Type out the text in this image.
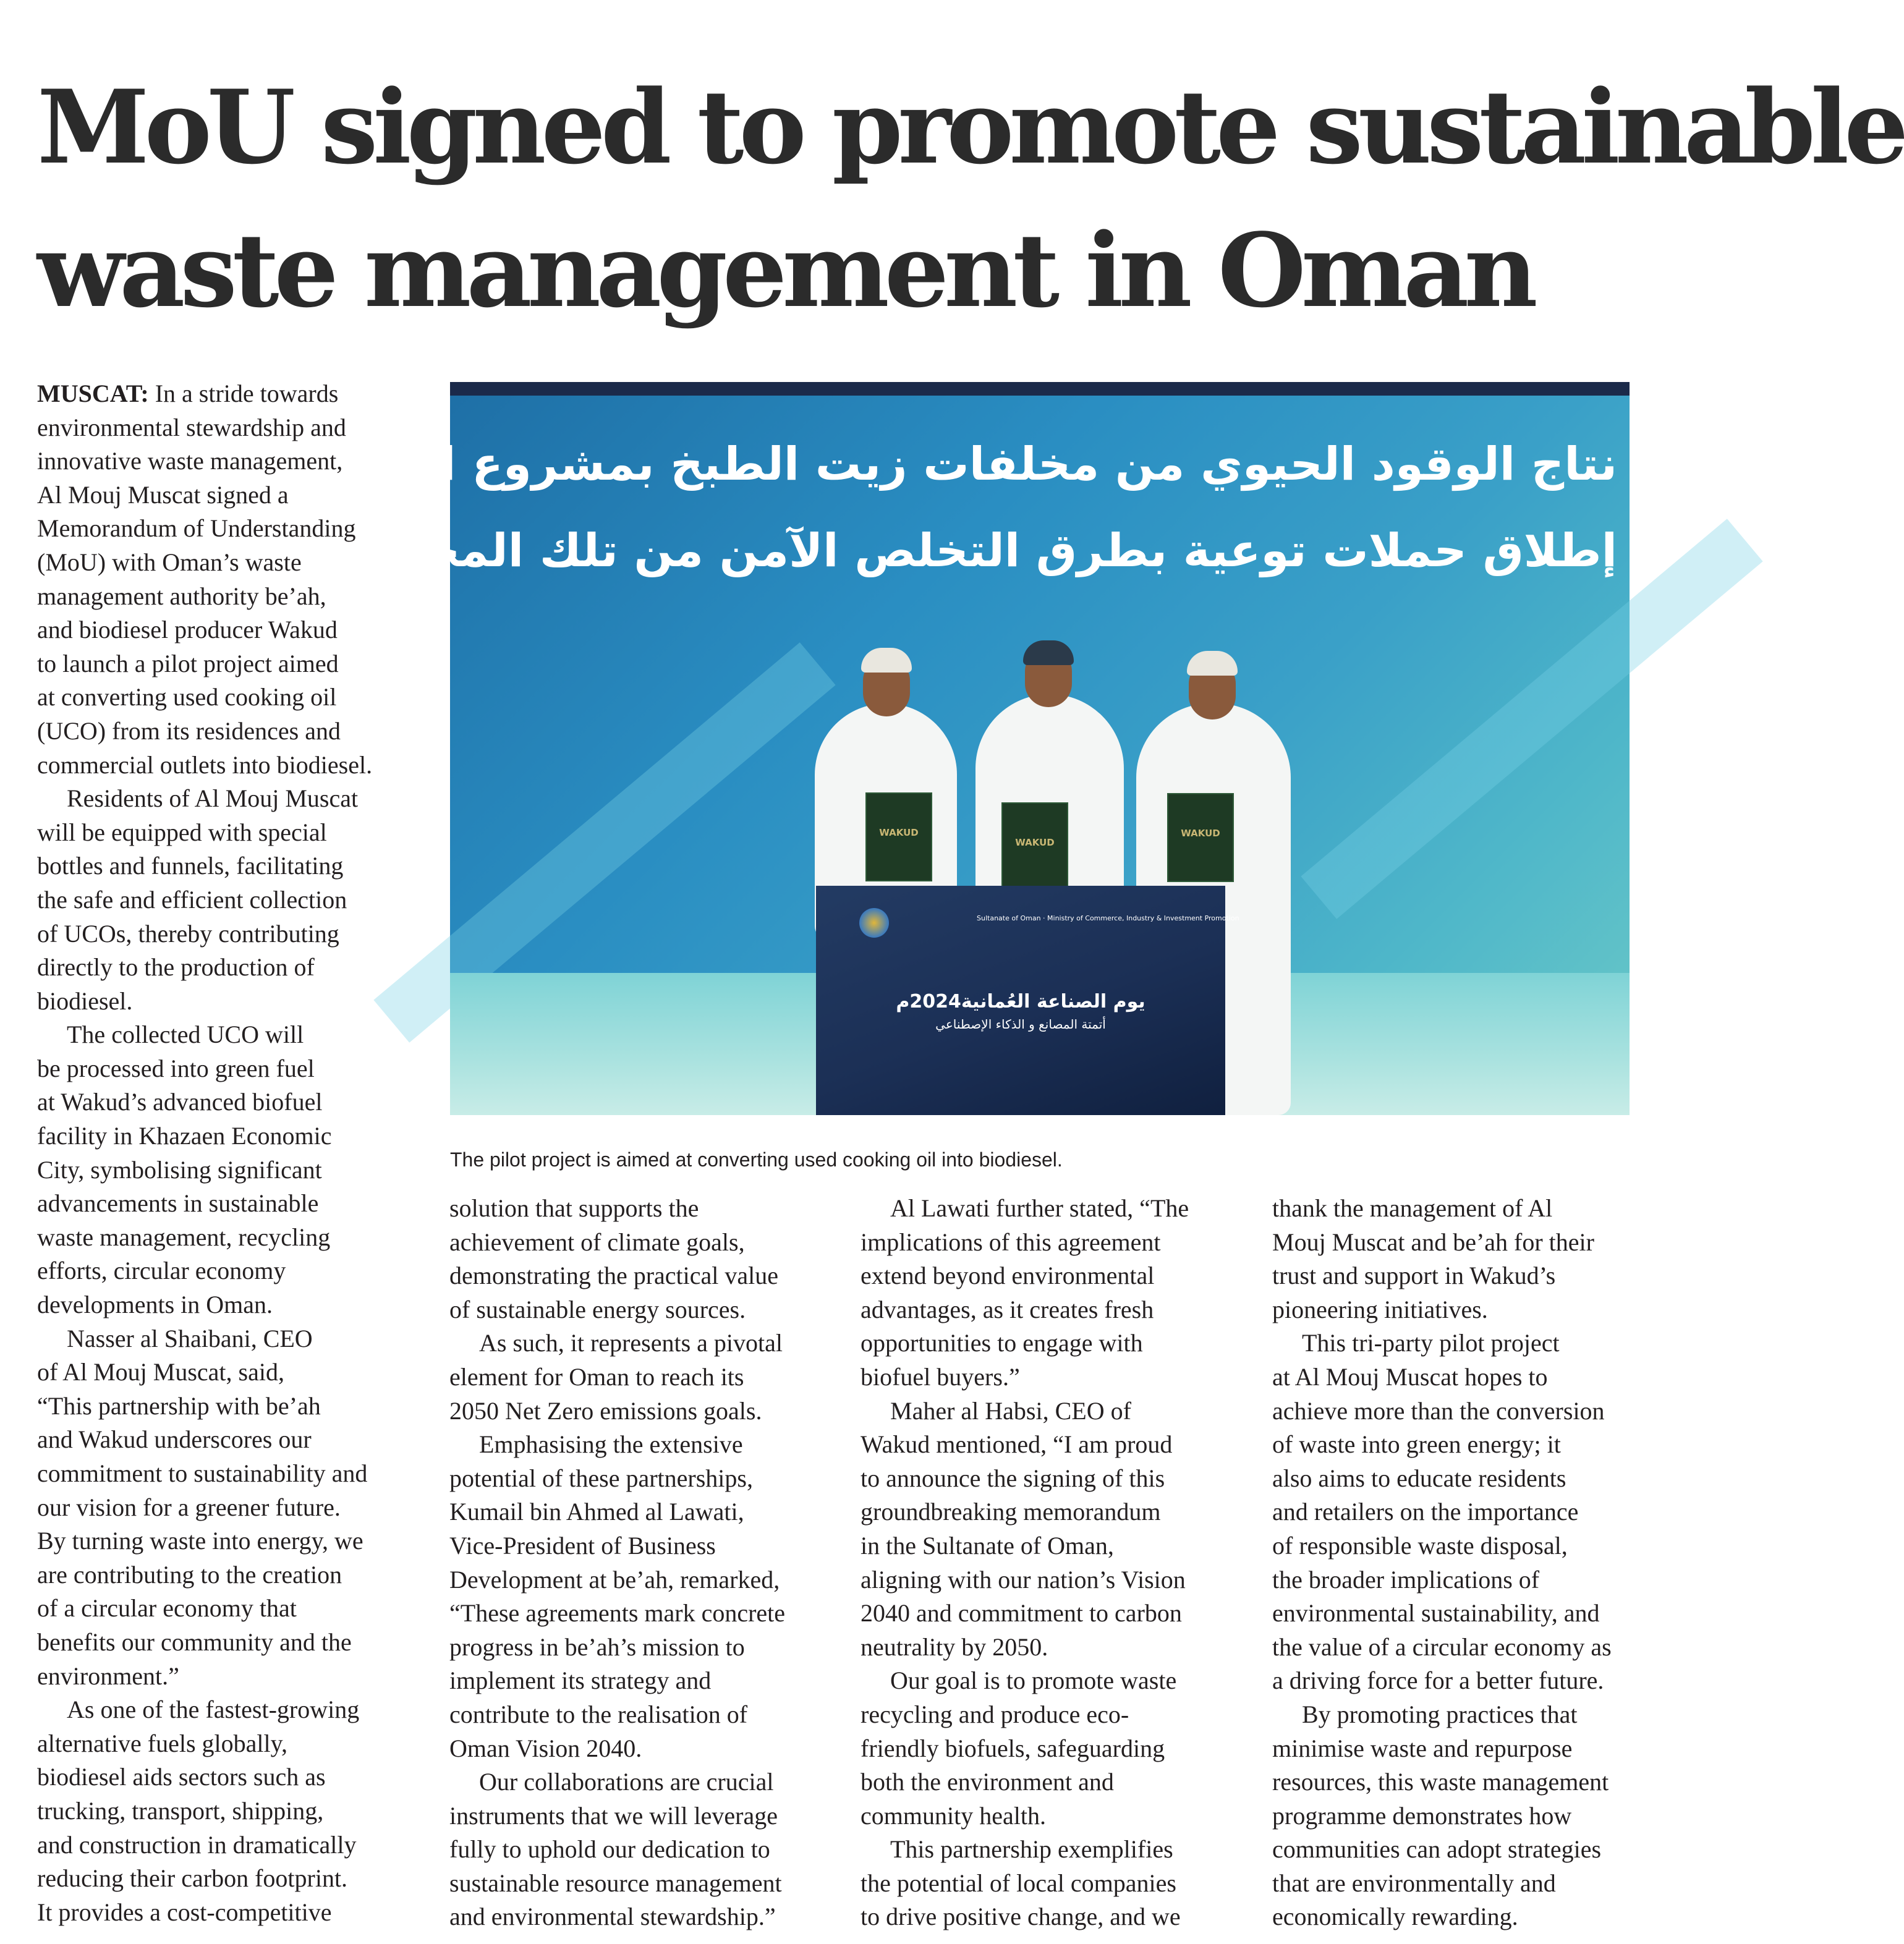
MoU signed to promote sustainable
waste management in Oman
نتاج الوقود الحيوي من مخلفات زيت الطبخ بمشروع الموج
إطلاق حملات توعية بطرق التخلص الآمن من تلك المخلفات
WAKUD
WAKUD
WAKUD
Sultanate of Oman · Ministry of Commerce, Industry & Investment Promotion
يوم الصناعة العُمانية2024م
أتمتة المصانع و الذكاء الإصطناعي
The pilot project is aimed at converting used cooking oil into biodiesel.

MUSCAT: In a stride towards
environmental stewardship and
innovative waste management,
Al Mouj Muscat signed a
Memorandum of Understanding
(MoU) with Oman’s waste
management authority be’ah,
and biodiesel producer Wakud
to launch a pilot project aimed
at converting used cooking oil
(UCO) from its residences and
commercial outlets into biodiesel.

Residents of Al Mouj Muscat
will be equipped with special
bottles and funnels, facilitating
the safe and efficient collection
of UCOs, thereby contributing
directly to the production of
biodiesel.

The collected UCO will
be processed into green fuel
at Wakud’s advanced biofuel
facility in Khazaen Economic
City, symbolising significant
advancements in sustainable
waste management, recycling
efforts, circular economy
developments in Oman.

Nasser al Shaibani, CEO
of Al Mouj Muscat, said,
“This partnership with be’ah
and Wakud underscores our
commitment to sustainability and
our vision for a greener future.
By turning waste into energy, we
are contributing to the creation
of a circular economy that
benefits our community and the
environment.”

As one of the fastest-growing
alternative fuels globally,
biodiesel aids sectors such as
trucking, transport, shipping,
and construction in dramatically
reducing their carbon footprint.
It provides a cost-competitive

solution that supports the
achievement of climate goals,
demonstrating the practical value
of sustainable energy sources.

As such, it represents a pivotal
element for Oman to reach its
2050 Net Zero emissions goals.

Emphasising the extensive
potential of these partnerships,
Kumail bin Ahmed al Lawati,
Vice-President of Business
Development at be’ah, remarked,
“These agreements mark concrete
progress in be’ah’s mission to
implement its strategy and
contribute to the realisation of
Oman Vision 2040.

Our collaborations are crucial
instruments that we will leverage
fully to uphold our dedication to
sustainable resource management
and environmental stewardship.”

Al Lawati further stated, “The
implications of this agreement
extend beyond environmental
advantages, as it creates fresh
opportunities to engage with
biofuel buyers.”

Maher al Habsi, CEO of
Wakud mentioned, “I am proud
to announce the signing of this
groundbreaking memorandum
in the Sultanate of Oman,
aligning with our nation’s Vision
2040 and commitment to carbon
neutrality by 2050.

Our goal is to promote waste
recycling and produce eco-
friendly biofuels, safeguarding
both the environment and
community health.

This partnership exemplifies
the potential of local companies
to drive positive change, and we

thank the management of Al
Mouj Muscat and be’ah for their
trust and support in Wakud’s
pioneering initiatives.

This tri-party pilot project
at Al Mouj Muscat hopes to
achieve more than the conversion
of waste into green energy; it
also aims to educate residents
and retailers on the importance
of responsible waste disposal,
the broader implications of
environmental sustainability, and
the value of a circular economy as
a driving force for a better future.

By promoting practices that
minimise waste and repurpose
resources, this waste management
programme demonstrates how
communities can adopt strategies
that are environmentally and
economically rewarding.
